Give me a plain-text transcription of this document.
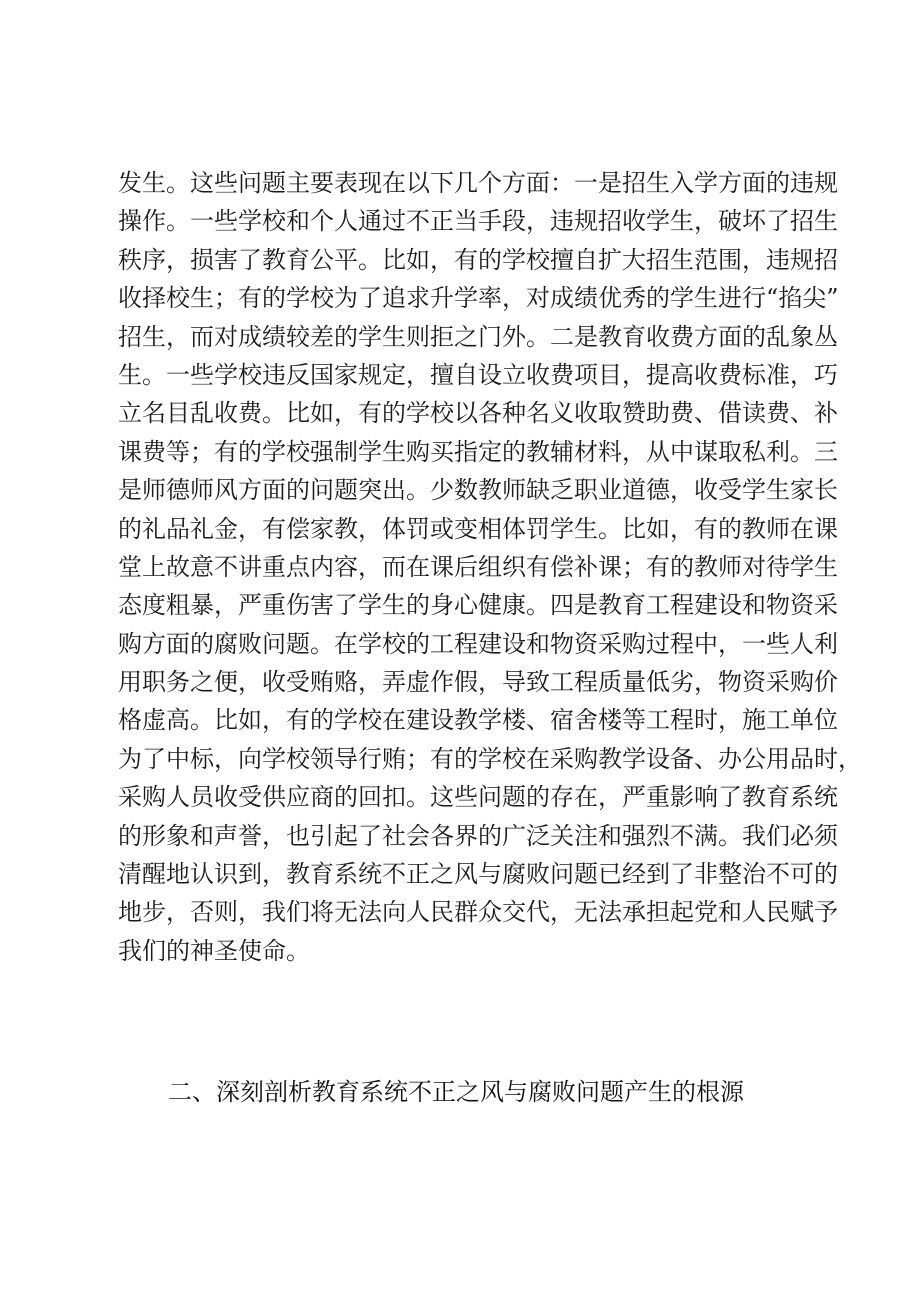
发生。这些问题主要表现在以下几个方面：一是招生入学方面的违规
操作。一些学校和个人通过不正当手段，违规招收学生，破坏了招生
秩序，损害了教育公平。比如，有的学校擅自扩大招生范围，违规招
收择校生；有的学校为了追求升学率，对成绩优秀的学生进行“掐尖”
招生，而对成绩较差的学生则拒之门外。二是教育收费方面的乱象丛
生。一些学校违反国家规定，擅自设立收费项目，提高收费标准，巧
立名目乱收费。比如，有的学校以各种名义收取赞助费、借读费、补
课费等；有的学校强制学生购买指定的教辅材料，从中谋取私利。三
是师德师风方面的问题突出。少数教师缺乏职业道德，收受学生家长
的礼品礼金，有偿家教，体罚或变相体罚学生。比如，有的教师在课
堂上故意不讲重点内容，而在课后组织有偿补课；有的教师对待学生
态度粗暴，严重伤害了学生的身心健康。四是教育工程建设和物资采
购方面的腐败问题。在学校的工程建设和物资采购过程中，一些人利
用职务之便，收受贿赂，弄虚作假，导致工程质量低劣，物资采购价
格虚高。比如，有的学校在建设教学楼、宿舍楼等工程时，施工单位
为了中标，向学校领导行贿；有的学校在采购教学设备、办公用品时，
采购人员收受供应商的回扣。这些问题的存在，严重影响了教育系统
的形象和声誉，也引起了社会各界的广泛关注和强烈不满。我们必须
清醒地认识到，教育系统不正之风与腐败问题已经到了非整治不可的
地步，否则，我们将无法向人民群众交代，无法承担起党和人民赋予
我们的神圣使命。
二、深刻剖析教育系统不正之风与腐败问题产生的根源
